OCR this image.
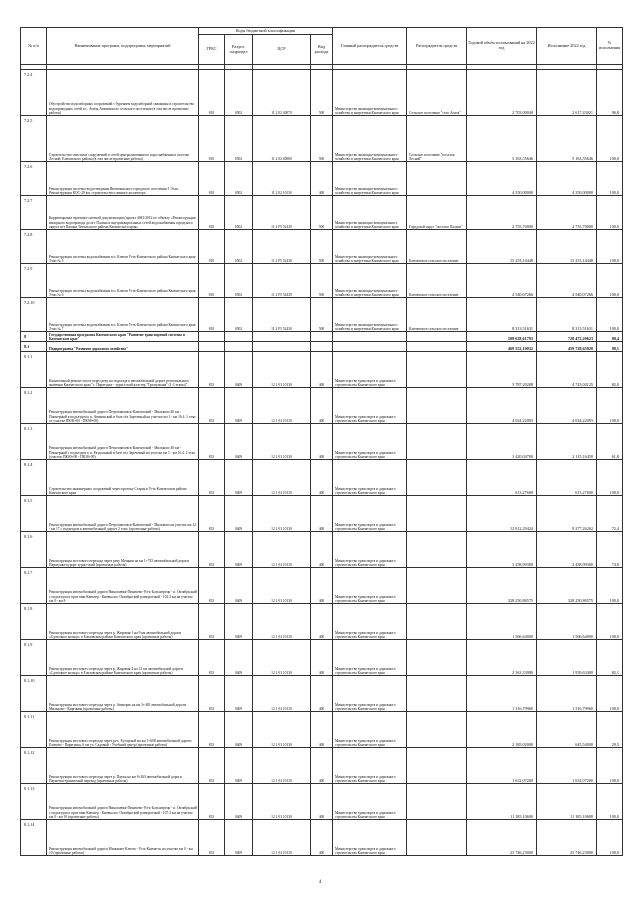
№ п/п	Наименование программ, подпрограмм, мероприятий	Коды бюджетной классификации				Главный распорядитель средств	Распорядитель средств	Годовой объём ассигнований на 2022 год	Исполнение 2022 год	% исполнения
		ГРБС	Раздел, подраздел	ЦСР	Вид расхода					

7.2.4	Обустройство водозаборных сооружений с бурением водозаборной скважины и строительство водопроводных сетей в с. Апача Апачинского сельского поселения (в том числе проектные работы)	810	0502	11 2 02 40070	500	Министерство жилищно-коммунального хозяйства и энергетики Камчатского края	Сельское поселение "село Апача"	2 703,00040	2 617,43021	96,8
7.2.5	Строительство очистных сооружений и сетей централизованного водоснабжения в поселке Лесной, Елизовского района (в том числе проектные работы)	810	0502	11 2 02 40080	500	Министерство жилищно-коммунального хозяйства и энергетики Камчатского края	Сельское поселение "поселок Лесной"	5 163,55646	5 163,55646	100,0
7.2.6	Реконструкция системы водоотведения Вилючинского городского поселения 1 Этап. Реконструкция КОС-29 км, строительство главного коллектора	810	0502	11 2 02 10130	400	Министерство жилищно-коммунального хозяйства и энергетики Камчатского края		4 350,00000	4 350,00000	100,0
7.2.7	Корректировка проектно-сметной документации (проект 4681/2012 по объекту «Реконструкция напорного водопровода до пгт Палана и внутриквартальных сетей водоснабжения городского округа пгт Палана Тигильского района Камчатского края»	810	0502	11 2 F5 52430	500	Министерство жилищно-коммунального хозяйства и энергетики Камчатского края	Городской округ "поселок Палана"	2 755,70000	2 755,70000	100,0
7.2.8	Реконструкция системы водоснабжения в п. Ключи Усть-Камчатского района Камчатского края Этап № 5	810	0502	11 2 F5 52430	500	Министерство жилищно-коммунального хозяйства и энергетики Камчатского края	Ключевское сельское поселение	15 253,14448	15 253,14448	100,0
7.2.9	Реконструкция системы водоснабжения в п. Ключи Усть-Камчатского района Камчатского края Этап № 6	810	0502	11 2 F5 52430	500	Министерство жилищно-коммунального хозяйства и энергетики Камчатского края	Ключевское сельское поселение	4 540,07266	4 540,07266	100,0
7.2.10	Реконструкция системы водоснабжения в п. Ключи Усть-Камчатского района Камчатского края Этап № 7	810	0502	11 2 F5 52430	500	Министерство жилищно-коммунального хозяйства и энергетики Камчатского края	Ключевское сельское поселение	8 313,51631	8 313,51631	100,0
8	Государственная программа Камчатского края "Развитие транспортной системы в Камчатском крае"							508 628,61793	728 472,20623	90,4
8.1	Подпрограмма "Развитие дорожного хозяйства"							469 552,10032	459 728,65028	98,1
8.1.1	Капитальный ремонт моста через реку на подъезде к автомобильной дороге регионального значения Камчатского края "с. Паратунка - туристский кластер "Три вулкана" (1-3 этапы)"	833	0409	12 1 03 10130	400	Министерство транспорта и дорожного строительства Камчатского края		5 787,20208	4 743,04125	82,0
8.1.2	Реконструкция автомобильной дороги Петропавловск-Камчатский - Мильково 40 км - Пионерный в подъездом к п. Авачинский и базе сёл Зареченый на участке км 1 - км 16.4. 1 этап от участке ПК36+00 - ПК98+00)	833	0409	12 1 03 10130	400	Министерство транспорта и дорожного строительства Камчатского края		4 024,22093	4 024,22093	100,0
8.1.3	Реконструкция автомобильной дороги Петропавловск-Камчатский - Мильково 40 км - Пионерный с подъездом к п. Раздольный и базе сёл Зареченый на участке км 1 - км 16.4. 2 этап (участок ПК00+00 - ПК38+00)	833	0409	12 1 03 10130	400	Министерство транспорта и дорожного строительства Камчатского края		3 420,04700	2 115,16450	61,8
8.1.4	Строительство инженерных сооружений через протоку Старая в Усть-Камчатском районе Камчатского края	833	0409	12 1 03 10130	400	Министерство транспорта и дорожного строительства Камчатского края		613,27600	613,27600	100,0
8.1.5	Реконструкция автомобильной дороги Петропавловск-Камчатский - Мильково на участке км 12 - км 17 с подъездом к автомобильной дороге 2 этап. (проектные работы)	833	0409	12 1 03 10130	400	Министерство транспорта и дорожного строительства Камчатского края		12 812,29424	9 277,26262	72,4
8.1.6	Реконструкция мостового перехода через реку Мощная на км 1+745 автомобильной дороги Паратунка-курорт туристский (проектные работы)	833	0409	12 1 03 10130	400	Министерство транспорта и дорожного строительства Камчатского края		3 258,99300	2 438,99300	74,8
8.1.7	Реконструкция автомобильной дороги Николаевка-Пиначево-Усть-Большерецк - п. Октябрьский с подъездом к пристани Кавалер - Киевка км. Октябрьский разворотный - 102,3 км на участке км 0 - км 8	833	0409	12 1 03 10130	400	Министерство транспорта и дорожного строительства Камчатского края		328 250,86575	328 250,86575	100,0
8.1.8	Реконструкция мостового перехода через р. Жировая-1 на 9 км автомобильной дороги «Сдаточное кольцо» в Елизовском районе Камчатского края (проектные работы)	833	0409	12 1 03 10130	400	Министерство транспорта и дорожного строительства Камчатского края		1 566,64000	1 566,64000	100,0
8.1.9	Реконструкция мостового перехода через р. Жировая-2 на 12 км автомобильной дороги «Сдаточное кольцо» в Елизовском районе Камчатского края (проектные работы)	833	0409	12 1 03 10130	400	Министерство транспорта и дорожного строительства Камчатского края		2 363,33980	1 939,63400	82,1
8.1.10	Реконструкция мостового перехода через р. Авачерак на км 3+465 автомобильной дороги Мильково - Кирганик (проектные работы)	833	0409	12 1 03 10130	400	Министерство транспорта и дорожного строительства Камчатского края		1 316,79960	1 316,79960	100,0
8.1.11	Реконструкция мостового перехода через руч. Хуторской на км 1+608 автомобильной дороги Елизово - Паратунка, 6 км ул. Садовый - Учебный центр (проектные работы)	833	0409	12 1 03 10130	400	Министерство транспорта и дорожного строительства Камчатского края		2 185,02000	645,54000	29,5
8.1.12	Реконструкция мостового перехода через р. Паужа на км 6+263 автомобильной дороги Паужетка-транзитный переход (проектные работы)	833	0409	12 1 03 10130	400	Министерство транспорта и дорожного строительства Камчатского края		1 632,07200	1 632,07200	100,0
8.1.13	Реконструкция автомобильной дороги Николаевка-Пиначево-Усть-Большерецк - п. Октябрьский с подъездом к пристани Кавалер - Киевка км. Октябрьский разворотный - 107,3 км на участке км 0 - км 10 (проектные работы)	833	0409	12 1 03 10130	400	Министерство транспорта и дорожного строительства Камчатского края		11 185,10600	11 185,10600	100,0
8.1.14	Реконструкция автомобильной дороги Мильково-Ключи - Усть-Камчатск на участке км 0 - км 10 (проектные работы)	833	0409	12 1 03 10130	400	Министерство транспорта и дорожного строительства Камчатского края		25 746,23000	25 746,23000	100,0
4
